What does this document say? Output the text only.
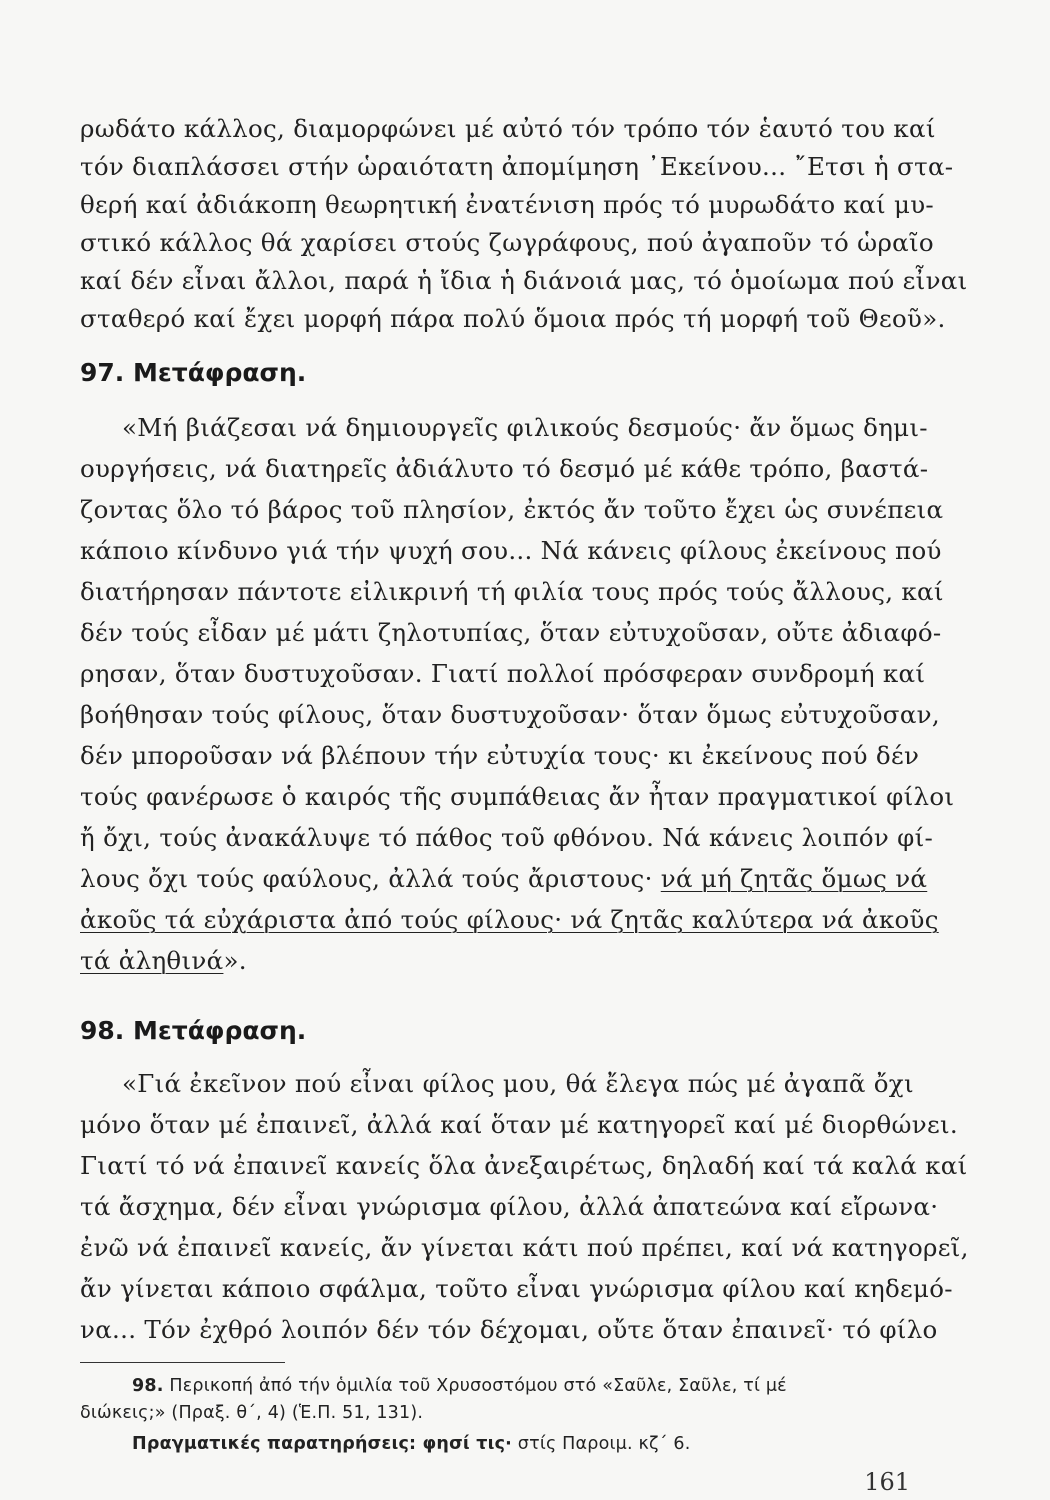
ρωδάτο κάλλος, διαμορφώνει μέ αὐτό τόν τρόπο τόν ἑαυτό του καί
τόν διαπλάσσει στήν ὡραιότατη ἀπομίμηση ᾿Εκείνου... ῎Ετσι ἡ στα-
θερή καί ἀδιάκοπη θεωρητική ἐνατένιση πρός τό μυρωδάτο καί μυ-
στικό κάλλος θά χαρίσει στούς ζωγράφους, πού ἀγαποῦν τό ὡραῖο
καί δέν εἶναι ἄλλοι, παρά ἡ ἴδια ἡ διάνοιά μας, τό ὁμοίωμα πού εἶναι
σταθερό καί ἔχει μορφή πάρα πολύ ὅμοια πρός τή μορφή τοῦ Θεοῦ».
97. Μετάφραση.
«Μή βιάζεσαι νά δημιουργεῖς φιλικούς δεσμούς· ἄν ὅμως δημι-
ουργήσεις, νά διατηρεῖς ἀδιάλυτο τό δεσμό μέ κάθε τρόπο, βαστά-
ζοντας ὅλο τό βάρος τοῦ πλησίον, ἐκτός ἄν τοῦτο ἔχει ὡς συνέπεια
κάποιο κίνδυνο γιά τήν ψυχή σου... Νά κάνεις φίλους ἐκείνους πού
διατήρησαν πάντοτε εἰλικρινή τή φιλία τους πρός τούς ἄλλους, καί
δέν τούς εἶδαν μέ μάτι ζηλοτυπίας, ὅταν εὐτυχοῦσαν, οὔτε ἀδιαφό-
ρησαν, ὅταν δυστυχοῦσαν. Γιατί πολλοί πρόσφεραν συνδρομή καί
βοήθησαν τούς φίλους, ὅταν δυστυχοῦσαν· ὅταν ὅμως εὐτυχοῦσαν,
δέν μποροῦσαν νά βλέπουν τήν εὐτυχία τους· κι ἐκείνους πού δέν
τούς φανέρωσε ὁ καιρός τῆς συμπάθειας ἄν ἦταν πραγματικοί φίλοι
ἤ ὄχι, τούς ἀνακάλυψε τό πάθος τοῦ φθόνου. Νά κάνεις λοιπόν φί-
λους ὄχι τούς φαύλους, ἀλλά τούς ἄριστους· νά μή ζητᾶς ὅμως νά
ἀκοῦς τά εὐχάριστα ἀπό τούς φίλους· νά ζητᾶς καλύτερα νά ἀκοῦς
τά ἀληθινά».
98. Μετάφραση.
«Γιά ἐκεῖνον πού εἶναι φίλος μου, θά ἔλεγα πώς μέ ἀγαπᾶ ὄχι
μόνο ὅταν μέ ἐπαινεῖ, ἀλλά καί ὅταν μέ κατηγορεῖ καί μέ διορθώνει.
Γιατί τό νά ἐπαινεῖ κανείς ὅλα ἀνεξαιρέτως, δηλαδή καί τά καλά καί
τά ἄσχημα, δέν εἶναι γνώρισμα φίλου, ἀλλά ἀπατεώνα καί εἴρωνα·
ἐνῶ νά ἐπαινεῖ κανείς, ἄν γίνεται κάτι πού πρέπει, καί νά κατηγορεῖ,
ἄν γίνεται κάποιο σφάλμα, τοῦτο εἶναι γνώρισμα φίλου καί κηδεμό-
να... Τόν ἐχθρό λοιπόν δέν τόν δέχομαι, οὔτε ὅταν ἐπαινεῖ· τό φίλο
98. Περικοπή ἀπό τήν ὁμιλία τοῦ Χρυσοστόμου στό «Σαῦλε, Σαῦλε, τί μέ
διώκεις;» (Πραξ. θ΄, 4) (Ἑ.Π. 51, 131).
Πραγματικές παρατηρήσεις: φησί τις· στίς Παροιμ. κζ΄ 6.
161
